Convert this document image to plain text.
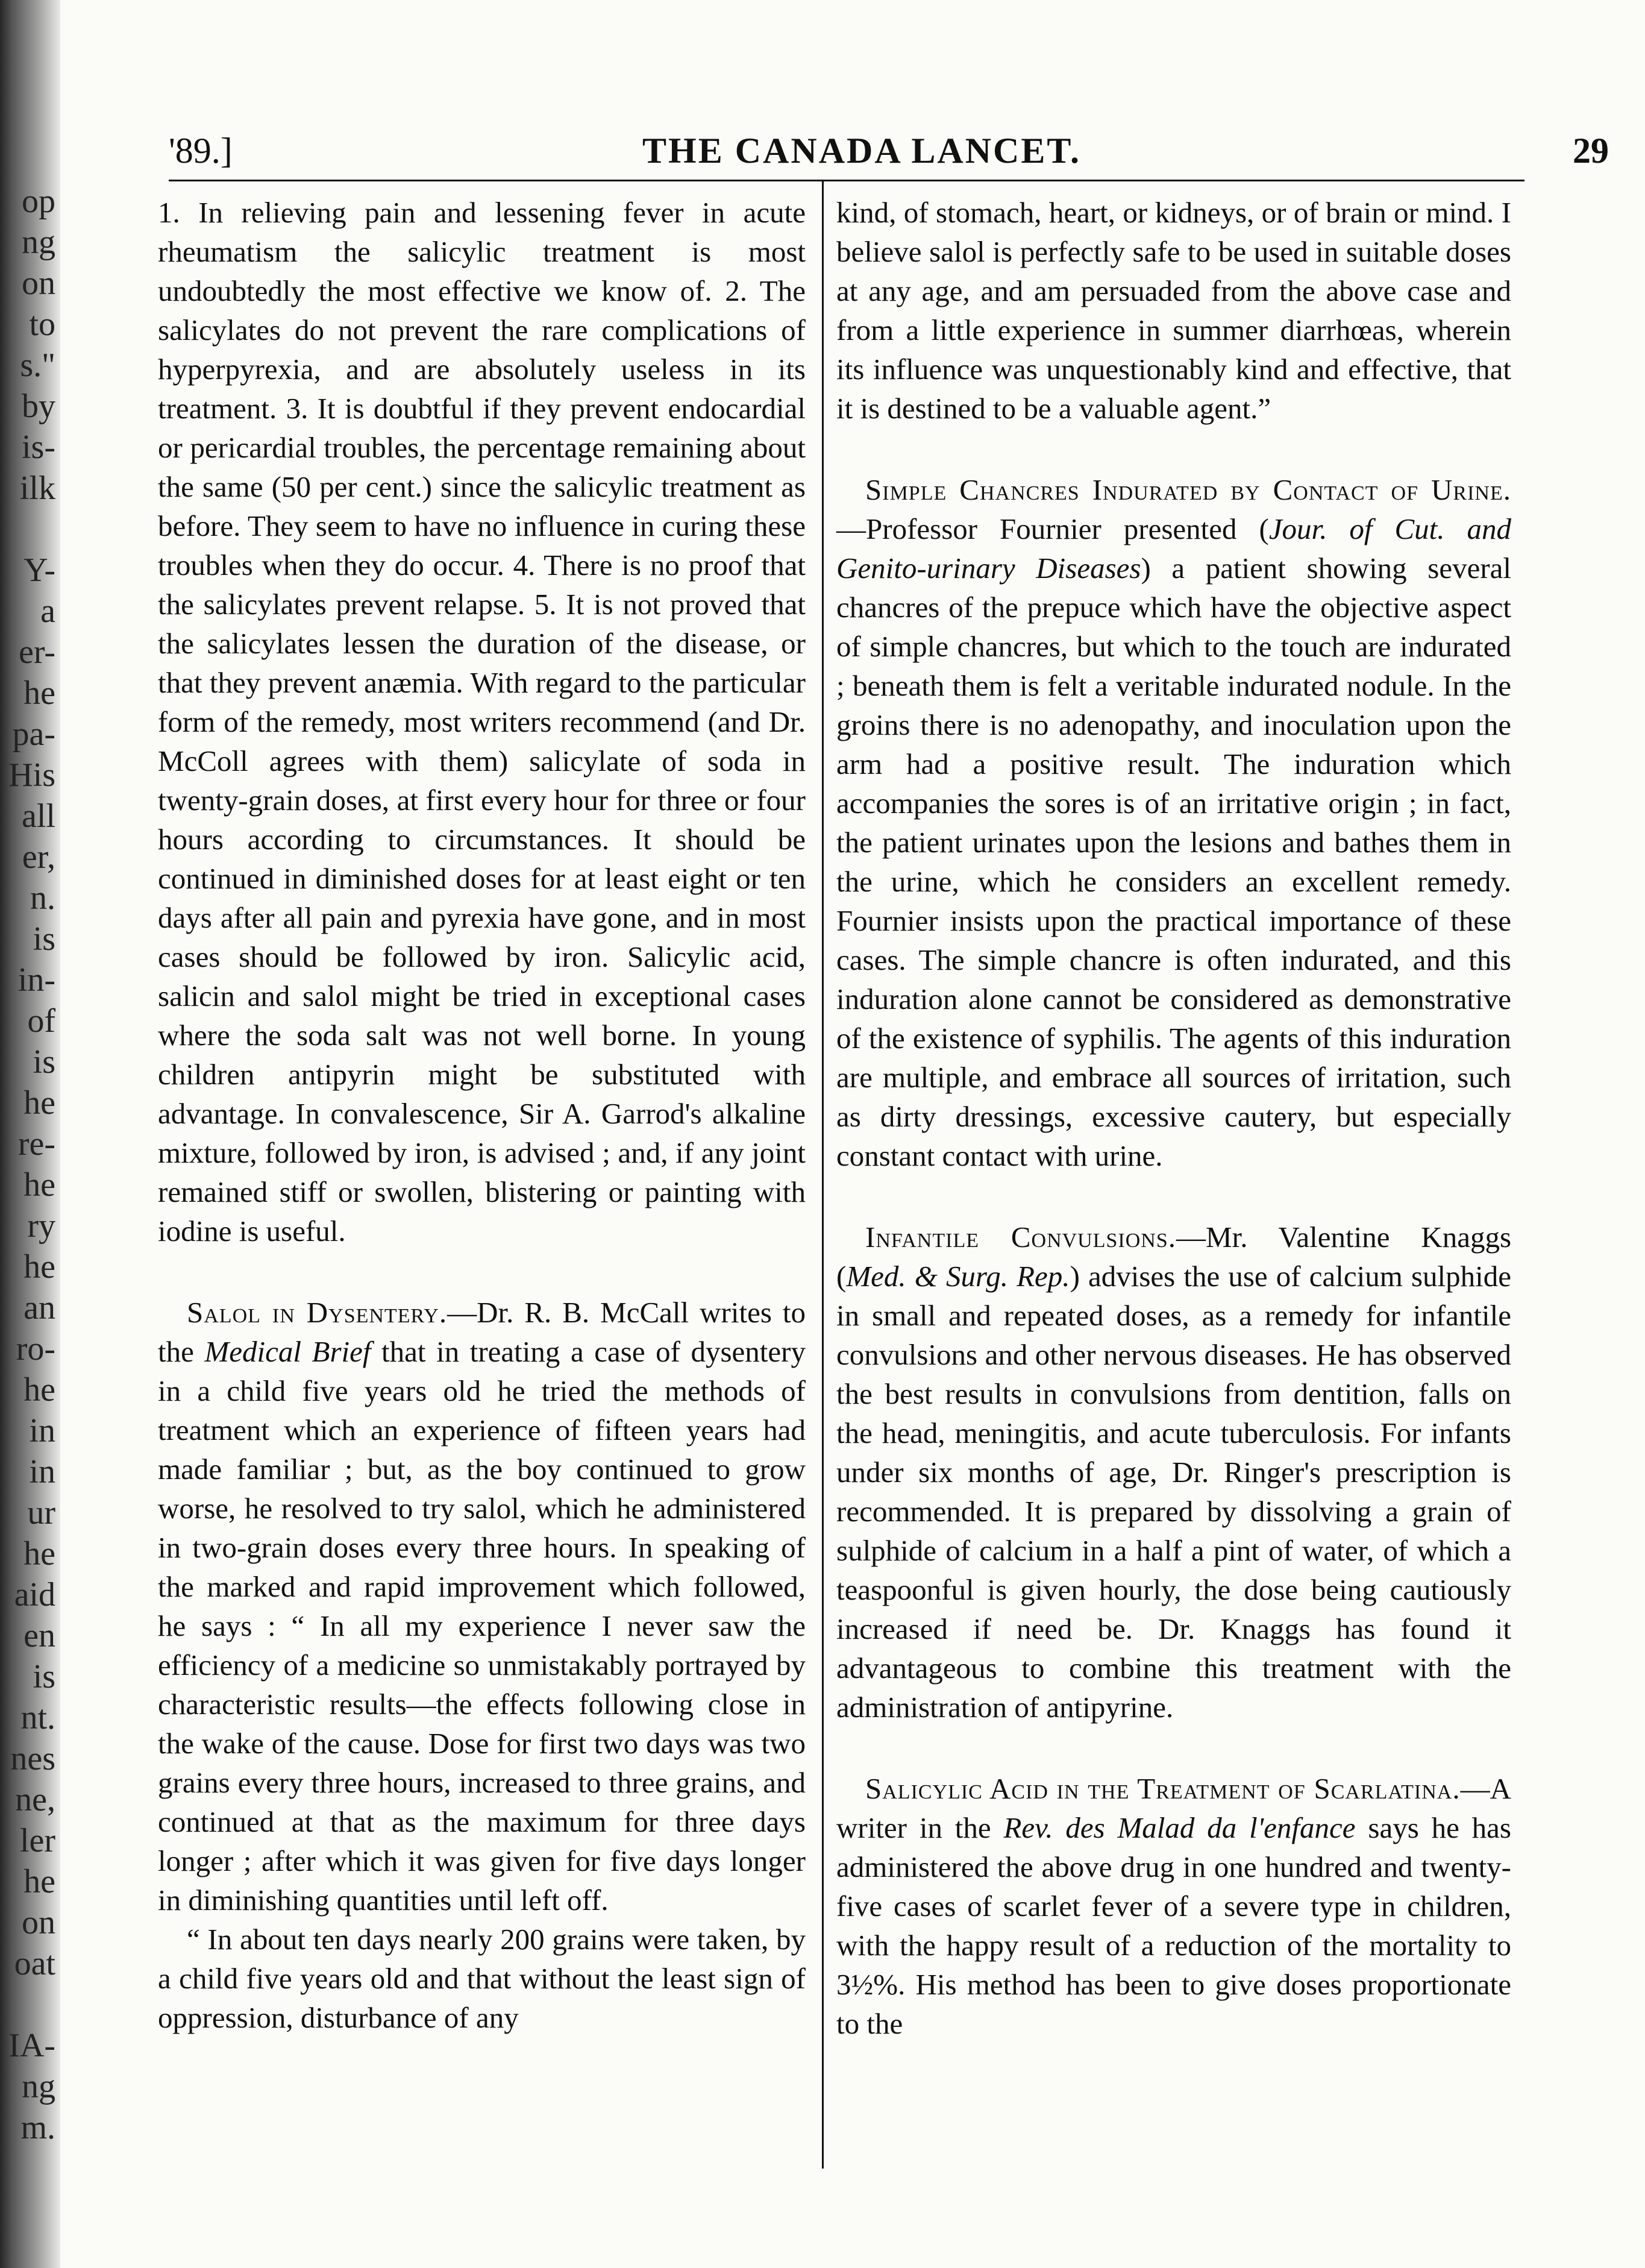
op
ng
on
to
s."
by
is-
ilk
Y-
a
er-
he
pa-
His
all
er,
n.
is
in-
of
is
he
re-
he
ry
he
an
ro-
he
in
in
ur
he
aid
en
is
nt.
nes
ne,
ler
he
on
oat
IA-
ng
m.
'89.]	THE CANADA LANCET.	29

1. In relieving pain and lessening fever in acute rheumatism the salicylic treatment is most undoubtedly the most effective we know of. 2. The salicylates do not prevent the rare complications of hyperpyrexia, and are absolutely useless in its treatment. 3. It is doubtful if they prevent endocardial or pericardial troubles, the percentage remaining about the same (50 per cent.) since the salicylic treatment as before. They seem to have no influence in curing these troubles when they do occur. 4. There is no proof that the salicylates prevent relapse. 5. It is not proved that the salicylates lessen the duration of the disease, or that they prevent anæmia. With regard to the particular form of the remedy, most writers recommend (and Dr. McColl agrees with them) salicylate of soda in twenty-grain doses, at first every hour for three or four hours according to circumstances. It should be continued in diminished doses for at least eight or ten days after all pain and pyrexia have gone, and in most cases should be followed by iron. Salicylic acid, salicin and salol might be tried in exceptional cases where the soda salt was not well borne. In young children antipyrin might be substituted with advantage. In convalescence, Sir A. Garrod's alkaline mixture, followed by iron, is advised ; and, if any joint remained stiff or swollen, blistering or painting with iodine is useful.

Salol in Dysentery.—Dr. R. B. McCall writes to the Medical Brief that in treating a case of dysentery in a child five years old he tried the methods of treatment which an experience of fifteen years had made familiar ; but, as the boy continued to grow worse, he resolved to try salol, which he administered in two-grain doses every three hours. In speaking of the marked and rapid improvement which followed, he says : “ In all my experience I never saw the efficiency of a medicine so unmistakably portrayed by characteristic results—the effects following close in the wake of the cause. Dose for first two days was two grains every three hours, increased to three grains, and continued at that as the maximum for three days longer ; after which it was given for five days longer in diminishing quantities until left off.

“ In about ten days nearly 200 grains were taken, by a child five years old and that without the least sign of oppression, disturbance of any

kind, of stomach, heart, or kidneys, or of brain or mind. I believe salol is perfectly safe to be used in suitable doses at any age, and am persuaded from the above case and from a little experience in summer diarrhœas, wherein its influence was unquestionably kind and effective, that it is destined to be a valuable agent.”

Simple Chancres Indurated by Contact of Urine.—Professor Fournier presented (Jour. of Cut. and Genito-urinary Diseases) a patient showing several chancres of the prepuce which have the objective aspect of simple chancres, but which to the touch are indurated ; beneath them is felt a veritable indurated nodule. In the groins there is no adenopathy, and inoculation upon the arm had a positive result. The induration which accompanies the sores is of an irritative origin ; in fact, the patient urinates upon the lesions and bathes them in the urine, which he considers an excellent remedy. Fournier insists upon the practical importance of these cases. The simple chancre is often indurated, and this induration alone cannot be considered as demonstrative of the existence of syphilis. The agents of this induration are multiple, and embrace all sources of irritation, such as dirty dressings, excessive cautery, but especially constant contact with urine.

Infantile Convulsions.—Mr. Valentine Knaggs (Med. & Surg. Rep.) advises the use of calcium sulphide in small and repeated doses, as a remedy for infantile convulsions and other nervous diseases. He has observed the best results in convulsions from dentition, falls on the head, meningitis, and acute tuberculosis. For infants under six months of age, Dr. Ringer's prescription is recommended. It is prepared by dissolving a grain of sulphide of calcium in a half a pint of water, of which a teaspoonful is given hourly, the dose being cautiously increased if need be. Dr. Knaggs has found it advantageous to combine this treatment with the administration of antipyrine.

Salicylic Acid in the Treatment of Scarlatina.—A writer in the Rev. des Malad da l'enfance says he has administered the above drug in one hundred and twenty-five cases of scarlet fever of a severe type in children, with the happy result of a reduction of the mortality to 3½%. His method has been to give doses proportionate to the
